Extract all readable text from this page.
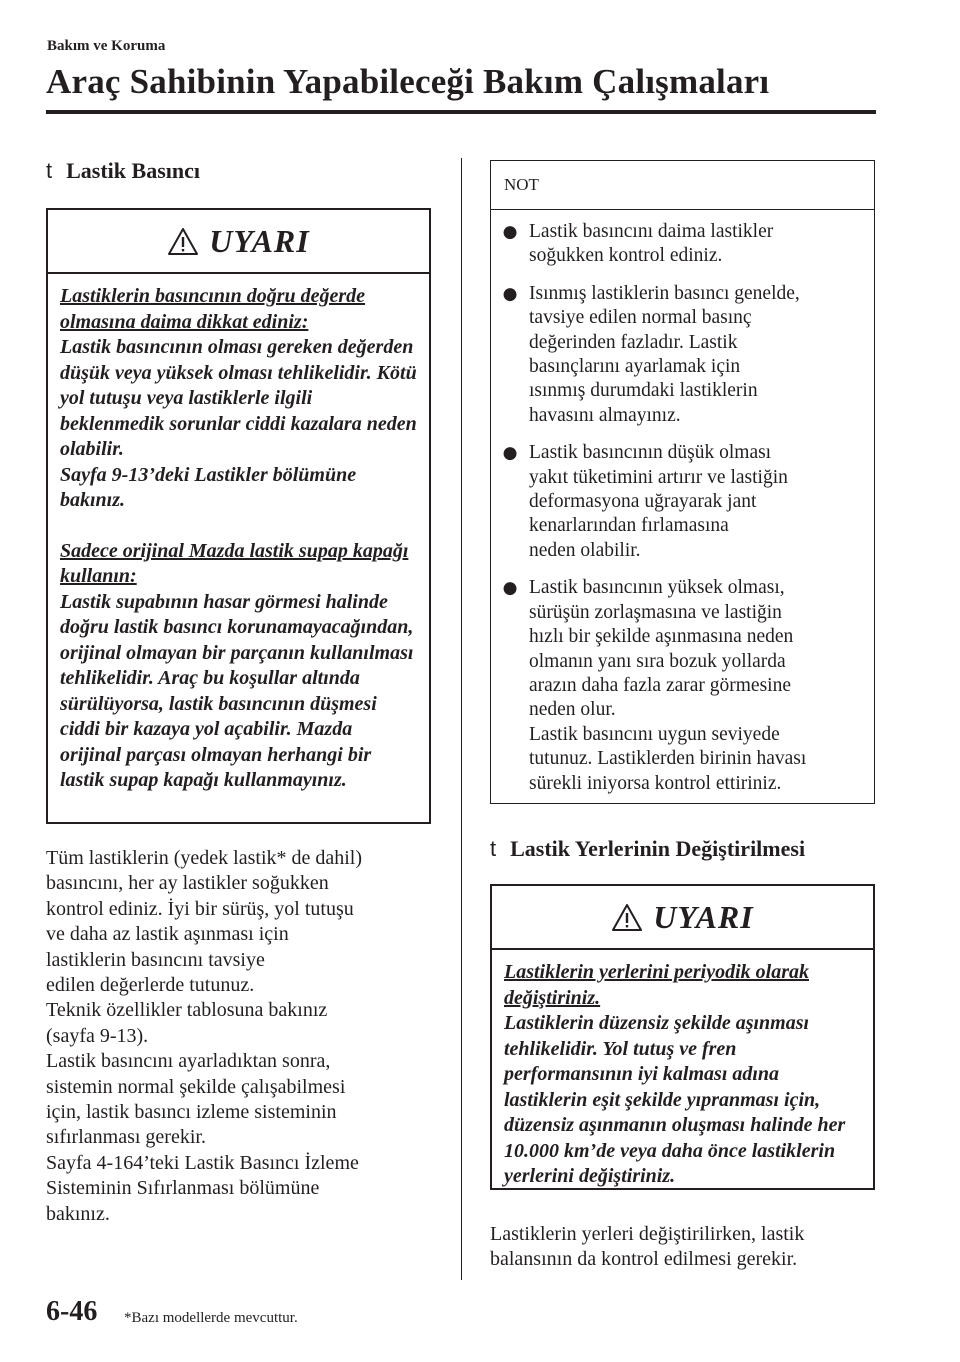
Bakım ve Koruma
Araç Sahibinin Yapabileceği Bakım Çalışmaları
t Lastik Basıncı
UYARI

Lastiklerin basıncının doğru değerde olmasına daima dikkat ediniz:

Lastik basıncının olması gereken değerden düşük veya yüksek olması tehlikelidir. Kötü yol tutuşu veya lastiklerle ilgili beklenmedik sorunlar ciddi kazalara neden olabilir.

Sayfa 9-13’deki Lastikler bölümüne bakınız.

Sadece orijinal Mazda lastik supap kapağı kullanın:

Lastik supabının hasar görmesi halinde doğru lastik basıncı korunamayacağından, orijinal olmayan bir parçanın kullanılması tehlikelidir. Araç bu koşullar altında sürülüyorsa, lastik basıncının düşmesi ciddi bir kazaya yol açabilir. Mazda orijinal parçası olmayan herhangi bir lastik supap kapağı kullanmayınız.

Tüm lastiklerin (yedek lastik* de dahil)
basıncını, her ay lastikler soğukken
kontrol ediniz. İyi bir sürüş, yol tutuşu
ve daha az lastik aşınması için
lastiklerin basıncını tavsiye
edilen değerlerde tutunuz.
Teknik özellikler tablosuna bakınız
(sayfa 9-13).
Lastik basıncını ayarladıktan sonra,
sistemin normal şekilde çalışabilmesi
için, lastik basıncı izleme sisteminin
sıfırlanması gerekir.
Sayfa 4-164’teki Lastik Basıncı İzleme
Sisteminin Sıfırlanması bölümüne
bakınız.
NOT
● Lastik basıncını daima lastikler
soğukken kontrol ediniz.
● Isınmış lastiklerin basıncı genelde,
tavsiye edilen normal basınç
değerinden fazladır. Lastik
basınçlarını ayarlamak için
ısınmış durumdaki lastiklerin
havasını almayınız.
● Lastik basıncının düşük olması
yakıt tüketimini artırır ve lastiğin
deformasyona uğrayarak jant
kenarlarından fırlamasına
neden olabilir.
● Lastik basıncının yüksek olması,
sürüşün zorlaşmasına ve lastiğin
hızlı bir şekilde aşınmasına neden
olmanın yanı sıra bozuk yollarda
arazın daha fazla zarar görmesine
neden olur.
Lastik basıncını uygun seviyede
tutunuz. Lastiklerden birinin havası
sürekli iniyorsa kontrol ettiriniz.
t Lastik Yerlerinin Değiştirilmesi
UYARI

Lastiklerin yerlerini periyodik olarak değiştiriniz.

Lastiklerin düzensiz şekilde aşınması tehlikelidir. Yol tutuş ve fren performansının iyi kalması adına lastiklerin eşit şekilde yıpranması için, düzensiz aşınmanın oluşması halinde her 10.000 km’de veya daha önce lastiklerin yerlerini değiştiriniz.

Lastiklerin yerleri değiştirilirken, lastik
balansının da kontrol edilmesi gerekir.
6-46 *Bazı modellerde mevcuttur.
